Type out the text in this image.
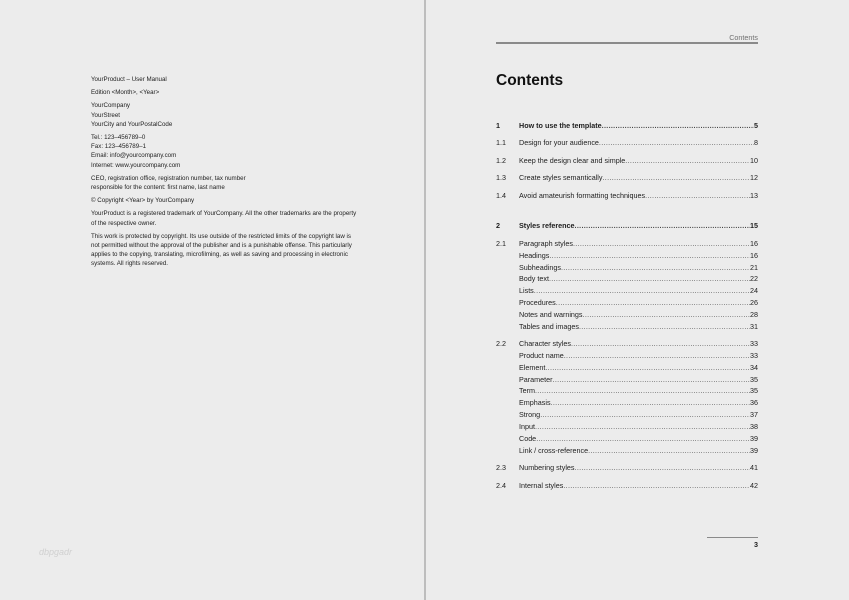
YourProduct – User Manual
Edition <Month>, <Year>
YourCompany
YourStreet
YourCity and YourPostalCode
Tel.: 123–456789–0
Fax: 123–456789–1
Email: info@yourcompany.com
Internet: www.yourcompany.com
CEO, registration office, registration number, tax number
responsible for the content: first name, last name
© Copyright <Year> by YourCompany
YourProduct is a registered trademark of YourCompany. All the other trademarks are the property of the respective owner.
This work is protected by copyright. Its use outside of the restricted limits of the copyright law is not permitted without the approval of the publisher and is a punishable offense. This particularly applies to the copying, translating, microfilming, as well as saving and processing in electronic systems. All rights reserved.
dbpgadr
Contents
Contents
1	How to use the template .....	5
1.1	Design for your audience .....	8
1.2	Keep the design clear and simple .....	10
1.3	Create styles semantically .....	12
1.4	Avoid amateurish formatting techniques .....	13
2	Styles reference .....	15
2.1	Paragraph styles .....	16
Headings .....	16
Subheadings .....	21
Body text .....	22
Lists .....	24
Procedures .....	26
Notes and warnings .....	28
Tables and images .....	31
2.2	Character styles .....	33
Product name .....	33
Element .....	34
Parameter .....	35
Term .....	35
Emphasis .....	36
Strong .....	37
Input .....	38
Code .....	39
Link / cross-reference .....	39
2.3	Numbering styles .....	41
2.4	Internal styles .....	42
3
